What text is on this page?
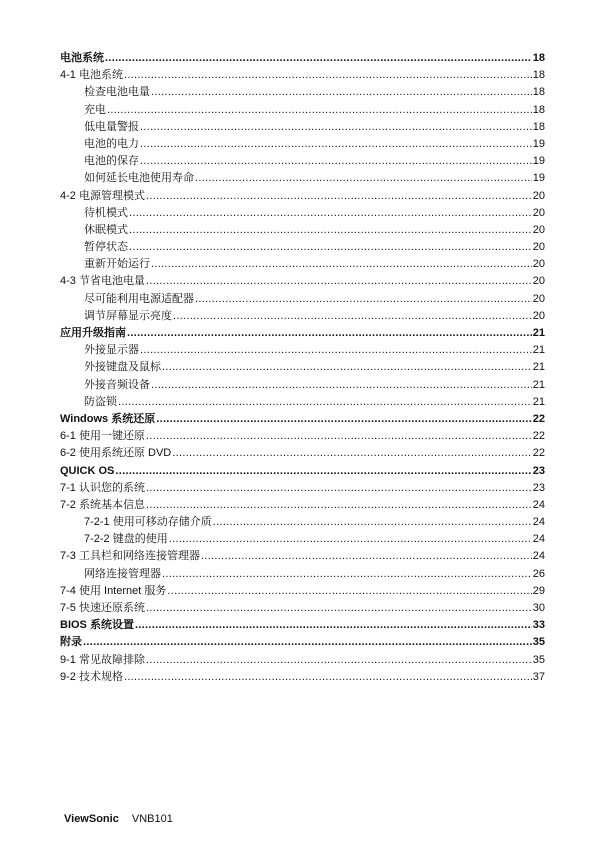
电池系统 .....	18
4-1 电池系统 .....	18
检查电池电量 .....	18
充电 .....	18
低电量警报 .....	18
电池的电力 .....	19
电池的保存 .....	19
如何延长电池使用寿命 .....	19
4-2 电源管理模式 .....	20
待机模式 .....	20
休眠模式 .....	20
暂停状态 .....	20
重新开始运行 .....	20
4-3 节省电池电量 .....	20
尽可能利用电源适配器 .....	20
调节屏幕显示亮度 .....	20
应用升级指南 .....	21
外接显示器 .....	21
外接键盘及鼠标 .....	21
外接音频设备 .....	21
防盗锁 .....	21
Windows 系统还原 .....	22
6-1 使用一键还原 .....	22
6-2 使用系统还原 DVD .....	22
QUICK OS .....	23
7-1 认识您的系统 .....	23
7-2 系统基本信息 .....	24
7-2-1 使用可移动存储介质 .....	24
7-2-2 键盘的使用 .....	24
7-3 工具栏和网络连接管理器 .....	24
网络连接管理器 .....	26
7-4 使用 Internet 服务 .....	29
7-5 快速还原系统 .....	30
BIOS 系统设置 .....	33
附录 .....	35
9-1 常见故障排除 .....	35
9-2 技术规格 .....	37
ViewSonic VNB101
